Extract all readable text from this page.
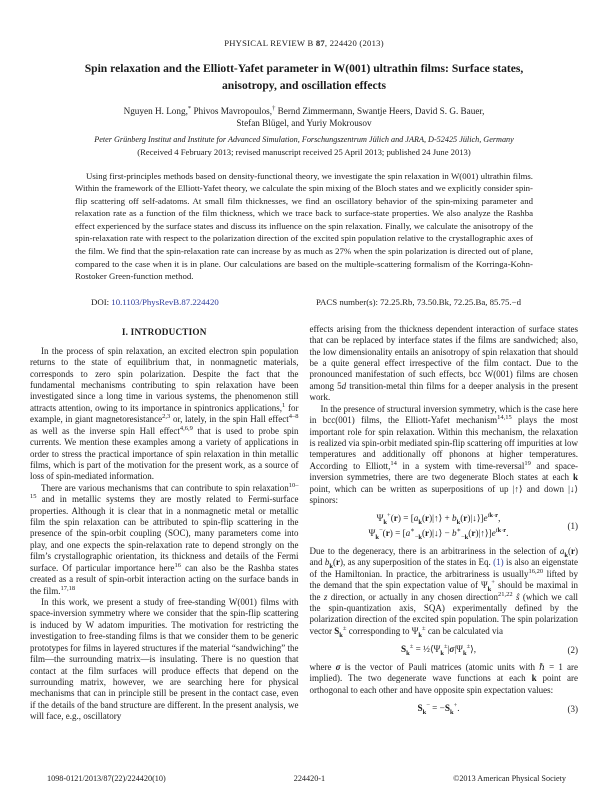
PHYSICAL REVIEW B 87, 224420 (2013)
Spin relaxation and the Elliott-Yafet parameter in W(001) ultrathin films: Surface states,
anisotropy, and oscillation effects
Nguyen H. Long,* Phivos Mavropoulos,† Bernd Zimmermann, Swantje Heers, David S. G. Bauer,
Stefan Blügel, and Yuriy Mokrousov
Peter Grünberg Institut and Institute for Advanced Simulation, Forschungszentrum Jülich and JARA, D-52425 Jülich, Germany
(Received 4 February 2013; revised manuscript received 25 April 2013; published 24 June 2013)
Using first-principles methods based on density-functional theory, we investigate the spin relaxation in W(001) ultrathin films. Within the framework of the Elliott-Yafet theory, we calculate the spin mixing of the Bloch states and we explicitly consider spin-flip scattering off self-adatoms. At small film thicknesses, we find an oscillatory behavior of the spin-mixing parameter and relaxation rate as a function of the film thickness, which we trace back to surface-state properties. We also analyze the Rashba effect experienced by the surface states and discuss its influence on the spin relaxation. Finally, we calculate the anisotropy of the spin-relaxation rate with respect to the polarization direction of the excited spin population relative to the crystallographic axes of the film. We find that the spin-relaxation rate can increase by as much as 27% when the spin polarization is directed out of plane, compared to the case when it is in plane. Our calculations are based on the multiple-scattering formalism of the Korringa-Kohn-Rostoker Green-function method.
DOI: 10.1103/PhysRevB.87.224420	PACS number(s): 72.25.Rb, 73.50.Bk, 72.25.Ba, 85.75.−d
I. INTRODUCTION

In the process of spin relaxation, an excited electron spin population returns to the state of equilibrium that, in nonmagnetic materials, corresponds to zero spin polarization. Despite the fact that the fundamental mechanisms contributing to spin relaxation have been investigated since a long time in various systems, the phenomenon still attracts attention, owing to its importance in spintronics applications,$^1$ for example, in giant magnetoresistance$^{2,3}$ or, lately, in the spin Hall effect$^{4-8}$ as well as the inverse spin Hall effect$^{4,6,9}$ that is used to probe spin currents. We mention these examples among a variety of applications in order to stress the practical importance of spin relaxation in thin metallic films, which is part of the motivation for the present work, as a source of loss of spin-mediated information.

There are various mechanisms that can contribute to spin relaxation$^{10-15}$ and in metallic systems they are mostly related to Fermi-surface properties. Although it is clear that in a nonmagnetic metal or metallic film the spin relaxation can be attributed to spin-flip scattering in the presence of the spin-orbit coupling (SOC), many parameters come into play, and one expects the spin-relaxation rate to depend strongly on the film’s crystallographic orientation, its thickness and details of the Fermi surface. Of particular importance here$^{16}$ can also be the Rashba states created as a result of spin-orbit interaction acting on the surface bands in the film.$^{17,18}$

In this work, we present a study of free-standing W(001) films with space-inversion symmetry where we consider that the spin-flip scattering is induced by W adatom impurities. The motivation for restricting the investigation to free-standing films is that we consider them to be generic prototypes for films in layered structures if the material “sandwiching” the film—the surrounding matrix—is insulating. There is no question that contact at the film surfaces will produce effects that depend on the surrounding matrix, however, we are searching here for physical mechanisms that can in principle still be present in the contact case, even if the details of the band structure are different. In the present analysis, we will face, e.g., oscillatory

effects arising from the thickness dependent interaction of surface states that can be replaced by interface states if the films are sandwiched; also, the low dimensionality entails an anisotropy of spin relaxation that should be a quite general effect irrespective of the film contact. Due to the pronounced manifestation of such effects, bcc W(001) films are chosen among 5d transition-metal thin films for a deeper analysis in the present work.

In the presence of structural inversion symmetry, which is the case here in bcc(001) films, the Elliott-Yafet mechanism$^{14,15}$ plays the most important role for spin relaxation. Within this mechanism, the relaxation is realized via spin-orbit mediated spin-flip scattering off impurities at low temperatures and additionally off phonons at higher temperatures. According to Elliott,$^{14}$ in a system with time-reversal$^{19}$ and space-inversion symmetries, there are two degenerate Bloch states at each k point, which can be written as superpositions of up |↑⟩ and down |↓⟩ spinors:

$\Psi_k^+(r)$ = [$a_k(r)|↑⟩$ + $b_k(r)|↓⟩]e^{ik\cdot r}$,
$\Psi_k^-(r)$ = [$a^∗_{-k}(r)|↓⟩$ − $b^∗_{-k}(r)|↑⟩]e^{ik\cdot r}$.
(1)

Due to the degeneracy, there is an arbitrariness in the selection of $a_k(r)$ and $b_k(r)$, as any superposition of the states in Eq. (1) is also an eigenstate of the Hamiltonian. In practice, the arbitrariness is usually$^{16,20}$ lifted by the demand that the spin expectation value of $\Psi_k^+$ should be maximal in the z direction, or actually in any chosen direction$^{21,22}$ ŝ (which we call the spin-quantization axis, SQA) experimentally defined by the polarization direction of the excited spin population. The spin polarization vector $S_k^\pm$ corresponding to $\Psi_k^\pm$ can be calculated via

$S_k^\pm$ = $\frac{1}{2}⟨\Psi_k^\pm|\sigma|\Psi_k^\pm⟩$,	(2)

where σ is the vector of Pauli matrices (atomic units with ℏ = 1 are implied). The two degenerate wave functions at each k point are orthogonal to each other and have opposite spin expectation values:

$S_k^- = -S_k^+$.	(3)
1098-0121/2013/87(22)/224420(10)	224420-1	©2013 American Physical Society
